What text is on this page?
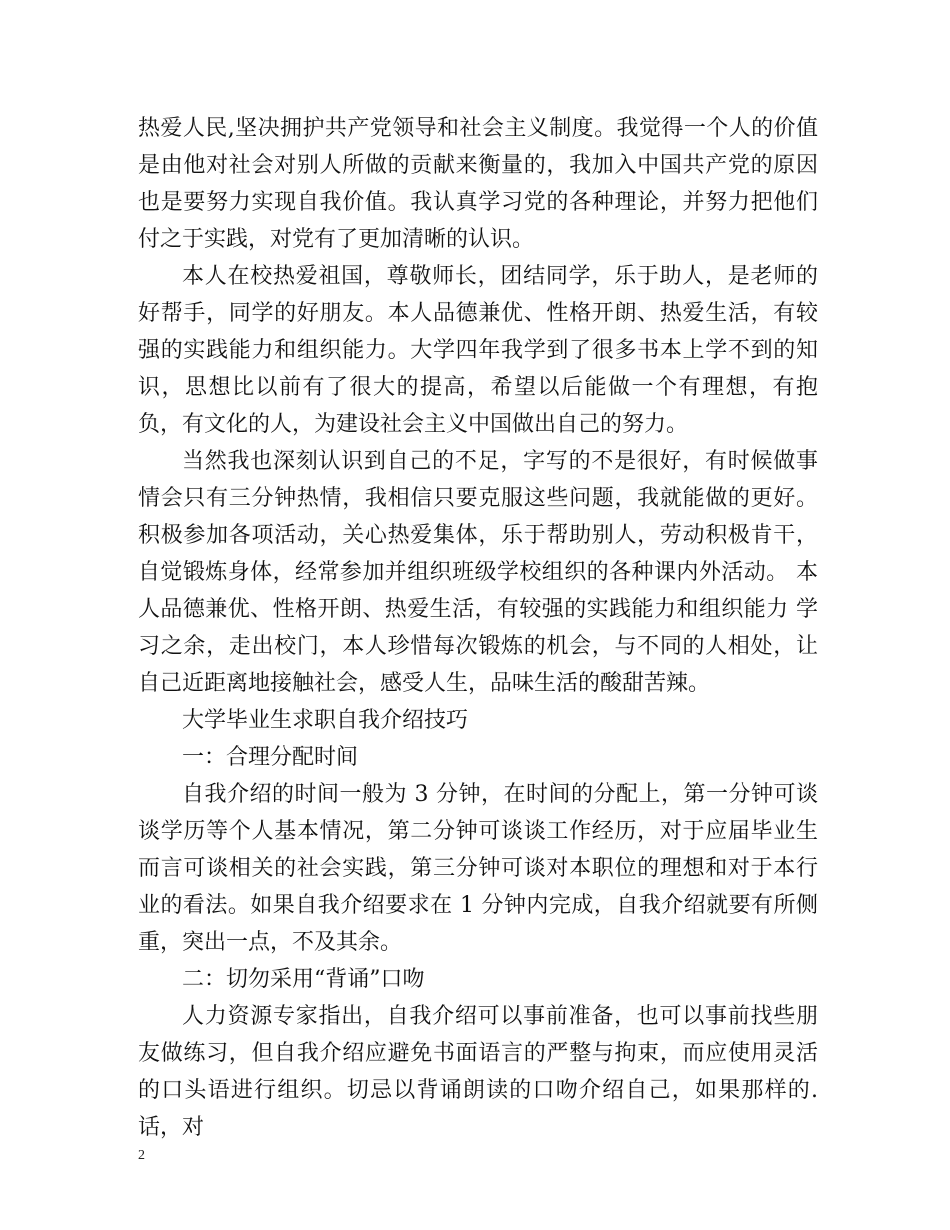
热爱人民,坚决拥护共产党领导和社会主义制度。我觉得一个人的价值是由他对社会对别人所做的贡献来衡量的，我加入中国共产党的原因也是要努力实现自我价值。我认真学习党的各种理论，并努力把他们付之于实践，对党有了更加清晰的认识。

本人在校热爱祖国，尊敬师长，团结同学，乐于助人，是老师的好帮手，同学的好朋友。本人品德兼优、性格开朗、热爱生活，有较强的实践能力和组织能力。大学四年我学到了很多书本上学不到的知识，思想比以前有了很大的提高，希望以后能做一个有理想，有抱负，有文化的人，为建设社会主义中国做出自己的努力。

当然我也深刻认识到自己的不足，字写的不是很好，有时候做事情会只有三分钟热情，我相信只要克服这些问题，我就能做的更好。 积极参加各项活动，关心热爱集体，乐于帮助别人，劳动积极肯干，自觉锻炼身体，经常参加并组织班级学校组织的各种课内外活动。 本人品德兼优、性格开朗、热爱生活，有较强的实践能力和组织能力 学习之余，走出校门，本人珍惜每次锻炼的机会，与不同的人相处，让自己近距离地接触社会，感受人生，品味生活的酸甜苦辣。

大学毕业生求职自我介绍技巧

一：合理分配时间

自我介绍的时间一般为 3 分钟，在时间的分配上，第一分钟可谈谈学历等个人基本情况，第二分钟可谈谈工作经历，对于应届毕业生而言可谈相关的社会实践，第三分钟可谈对本职位的理想和对于本行业的看法。如果自我介绍要求在 1 分钟内完成，自我介绍就要有所侧重，突出一点，不及其余。

二：切勿采用“背诵”口吻

人力资源专家指出，自我介绍可以事前准备，也可以事前找些朋友做练习，但自我介绍应避免书面语言的严整与拘束，而应使用灵活的口头语进行组织。切忌以背诵朗读的口吻介绍自己，如果那样的.话，对

2
